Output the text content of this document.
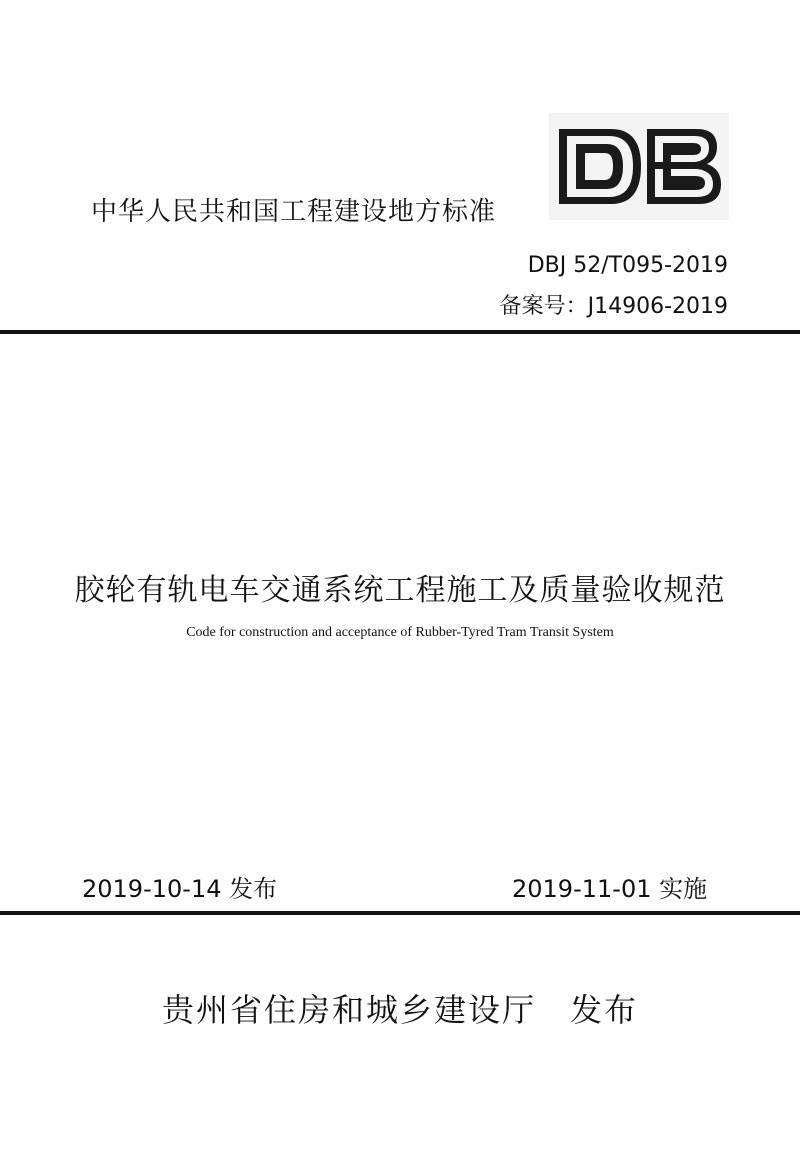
中华人民共和国工程建设地方标准
DBJ 52/T095-2019
备案号：J14906-2019
胶轮有轨电车交通系统工程施工及质量验收规范
Code for construction and acceptance of Rubber-Tyred Tram Transit System
2019-10-14 发布	2019-11-01 实施
贵州省住房和城乡建设厅 发布
